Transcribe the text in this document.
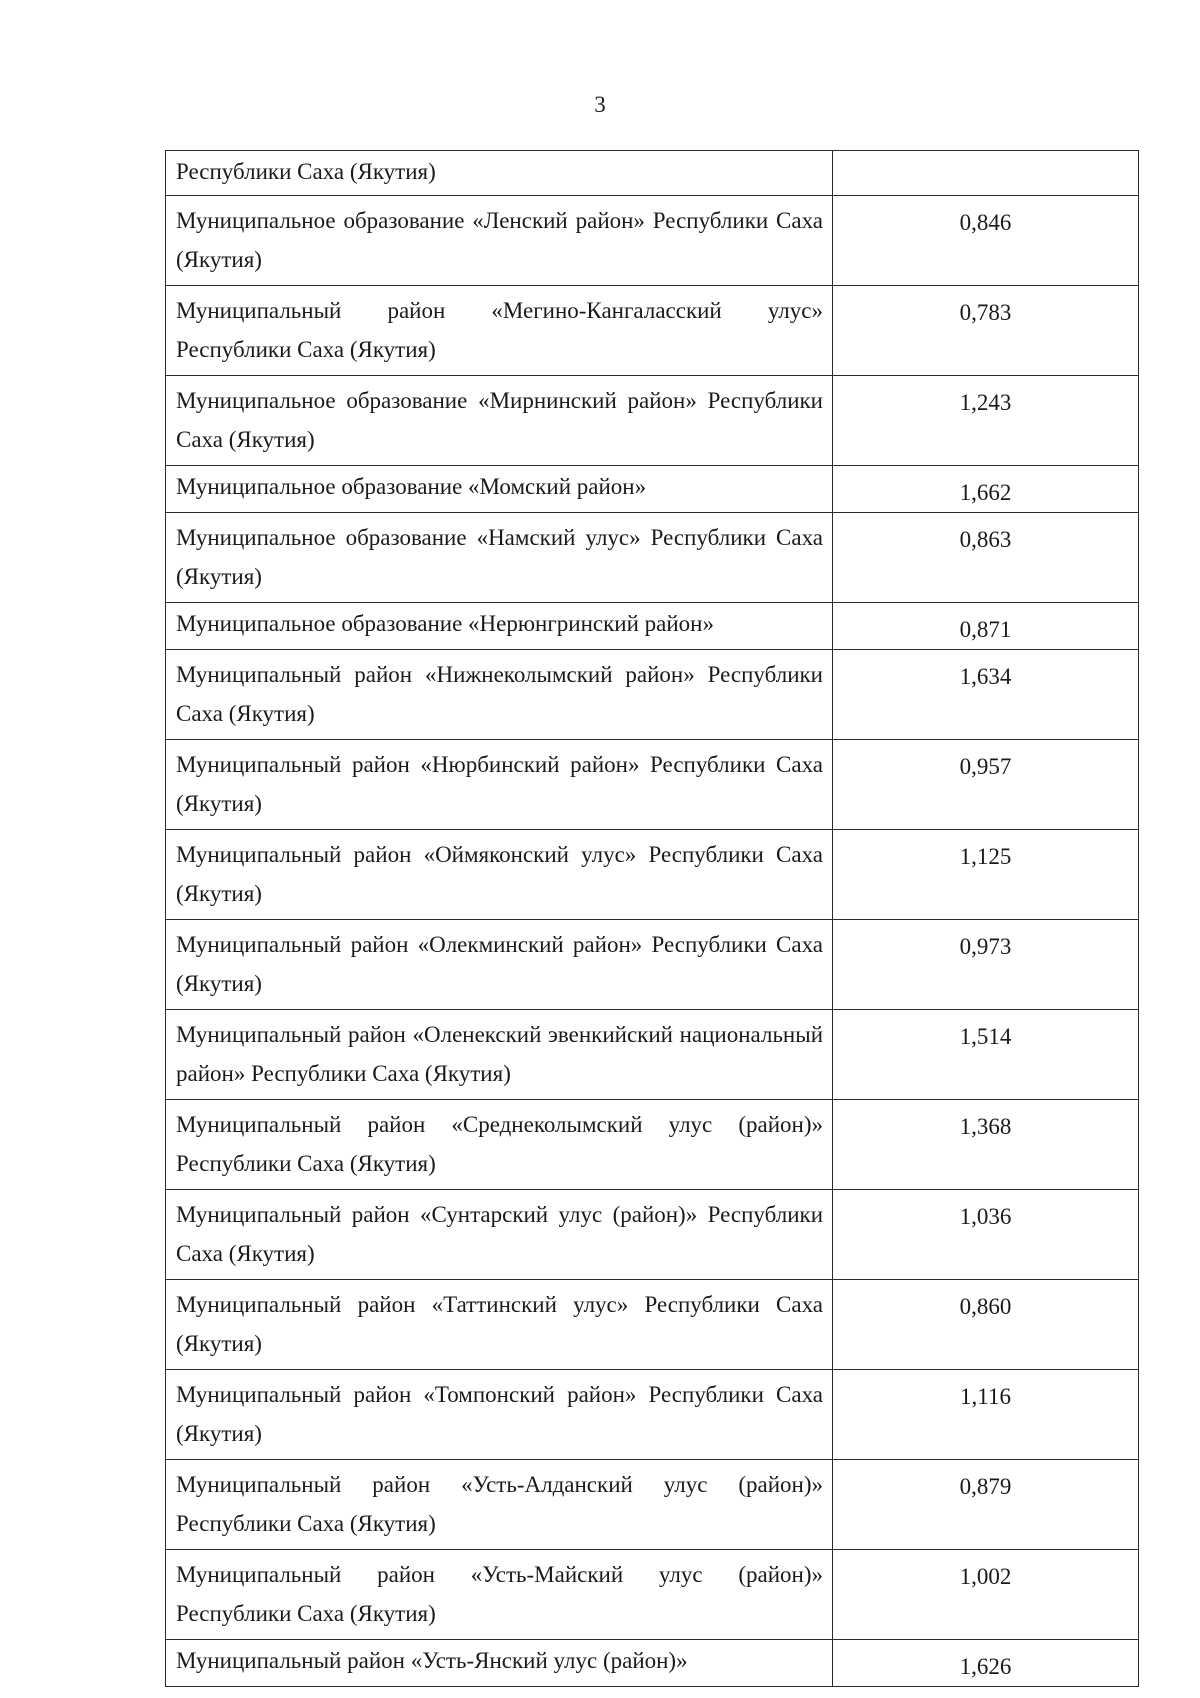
3
Республики Саха (Якутия)
Муниципальное образование «Ленский район» Республики Саха (Якутия)
0,846
Муниципальный район «Мегино-Кангаласский улус» Республики Саха (Якутия)
0,783
Муниципальное образование «Мирнинский район» Республики Саха (Якутия)
1,243
Муниципальное образование «Момский район»	1,662
Муниципальное образование «Намский улус» Республики Саха (Якутия)
0,863
Муниципальное образование «Нерюнгринский район»	0,871
Муниципальный район «Нижнеколымский район» Республики Саха (Якутия)
1,634
Муниципальный район «Нюрбинский район» Республики Саха (Якутия)
0,957
Муниципальный район «Оймяконский улус» Республики Саха (Якутия)
1,125
Муниципальный район «Олекминский район» Республики Саха (Якутия)
0,973
Муниципальный район «Оленекский эвенкийский национальный район» Республики Саха (Якутия)
1,514
Муниципальный район «Среднеколымский улус (район)» Республики Саха (Якутия)
1,368
Муниципальный район «Сунтарский улус (район)» Республики Саха (Якутия)
1,036
Муниципальный район «Таттинский улус» Республики Саха (Якутия)
0,860
Муниципальный район «Томпонский район» Республики Саха (Якутия)
1,116
Муниципальный район «Усть-Алданский улус (район)» Республики Саха (Якутия)
0,879
Муниципальный район «Усть-Майский улус (район)» Республики Саха (Якутия)
1,002
Муниципальный район «Усть-Янский улус (район)»	1,626
